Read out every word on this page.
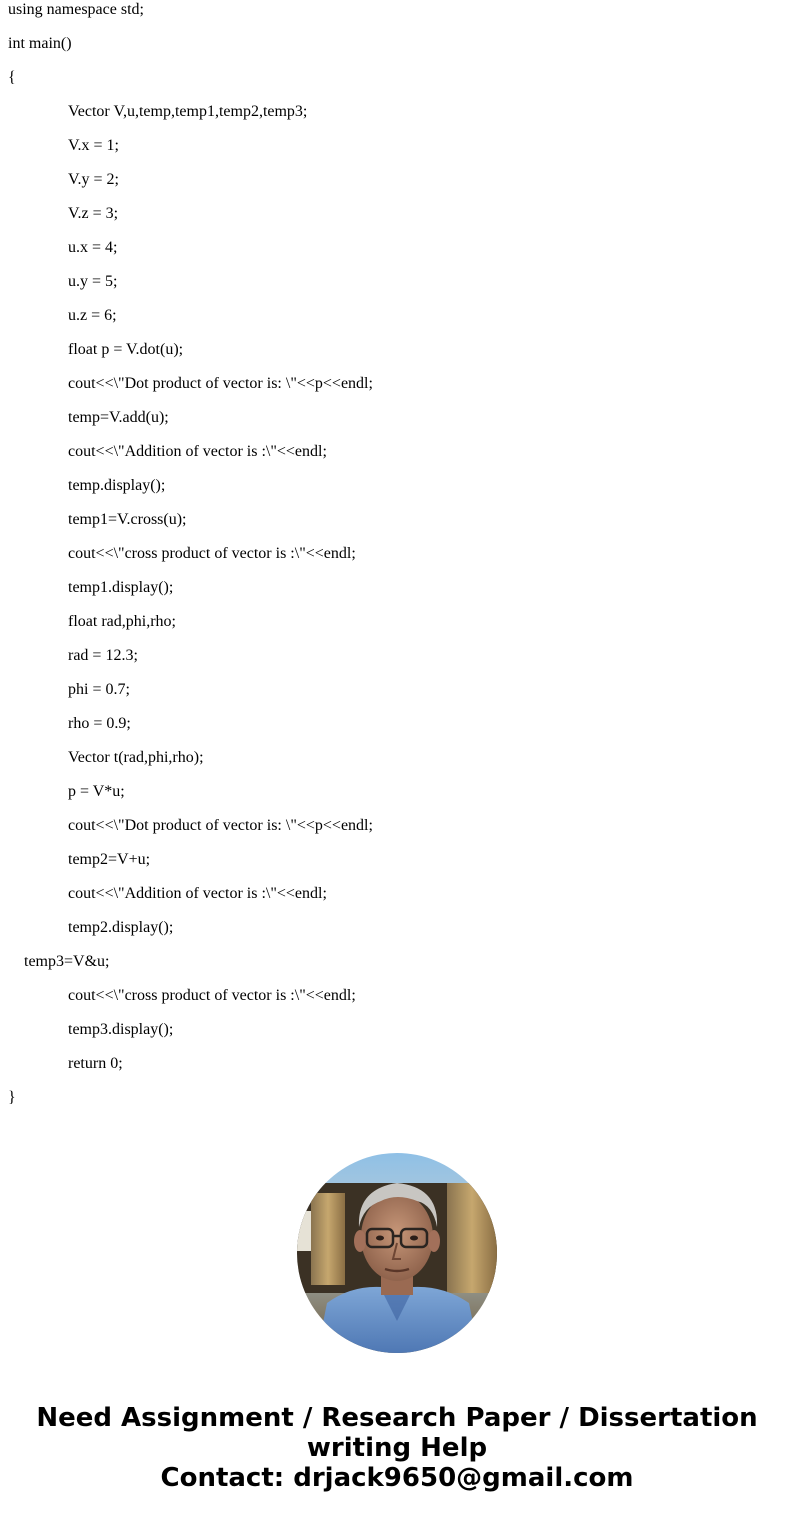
using namespace std;
int main()
{
Vector V,u,temp,temp1,temp2,temp3;
V.x = 1;
V.y = 2;
V.z = 3;
u.x = 4;
u.y = 5;
u.z = 6;
float p = V.dot(u);
cout<<\"Dot product of vector is: \"<<p<<endl;
temp=V.add(u);
cout<<\"Addition of vector is :\"<<endl;
temp.display();
temp1=V.cross(u);
cout<<\"cross product of vector is :\"<<endl;
temp1.display();
float rad,phi,rho;
rad = 12.3;
phi = 0.7;
rho = 0.9;
Vector t(rad,phi,rho);
p = V*u;
cout<<\"Dot product of vector is: \"<<p<<endl;
temp2=V+u;
cout<<\"Addition of vector is :\"<<endl;
temp2.display();
temp3=V&u;
cout<<\"cross product of vector is :\"<<endl;
temp3.display();
return 0;
}
Need Assignment / Research Paper / Dissertation
writing Help
Contact: drjack9650@gmail.com
